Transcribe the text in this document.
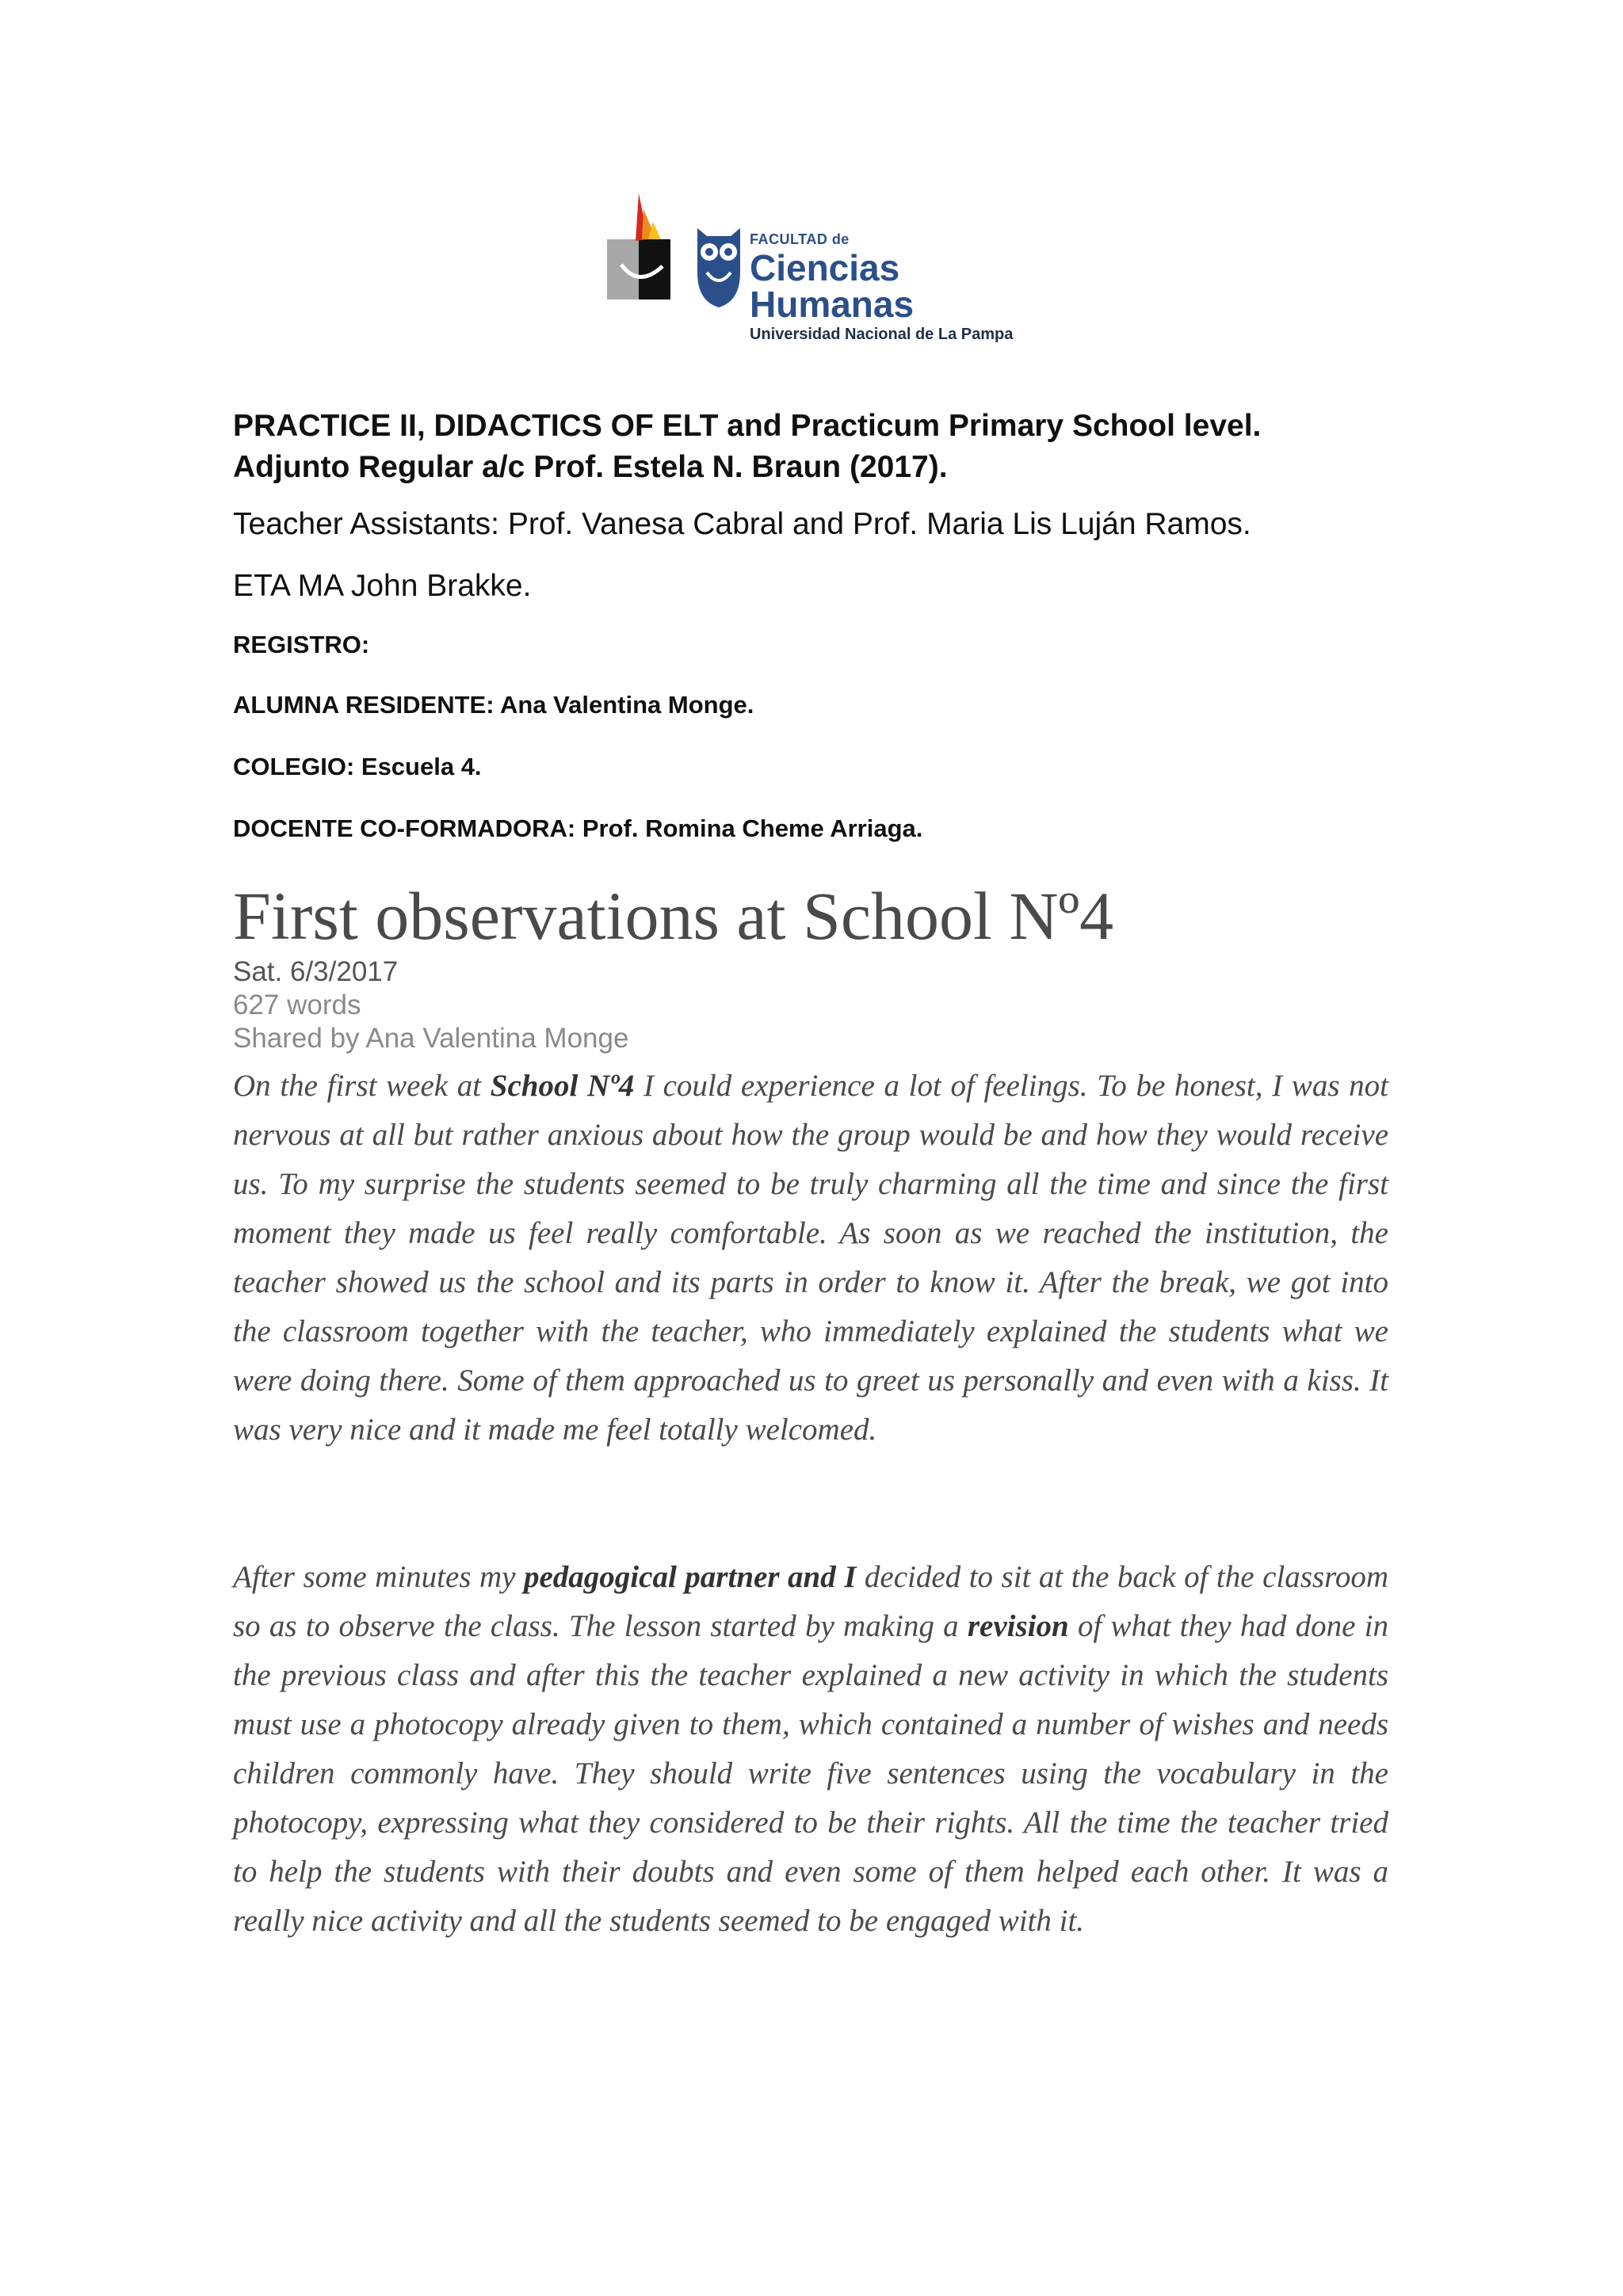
FACULTAD de
Ciencias Humanas
Universidad Nacional de La Pampa
PRACTICE II, DIDACTICS OF ELT and Practicum Primary School level.
Adjunto Regular a/c Prof. Estela N. Braun (2017).
Teacher Assistants: Prof. Vanesa Cabral and Prof. Maria Lis Luján Ramos.
ETA MA John Brakke.
REGISTRO:
ALUMNA RESIDENTE: Ana Valentina Monge.
COLEGIO: Escuela 4.
DOCENTE CO-FORMADORA: Prof. Romina Cheme Arriaga.
First observations at School Nº4
Sat. 6/3/2017
627 words
Shared by Ana Valentina Monge

On the first week at School Nº4 I could experience a lot of feelings. To be honest, I was not nervous at all but rather anxious about how the group would be and how they would receive us. To my surprise the students seemed to be truly charming all the time and since the first moment they made us feel really comfortable. As soon as we reached the institution, the teacher showed us the school and its parts in order to know it. After the break, we got into the classroom together with the teacher, who immediately explained the students what we were doing there. Some of them approached us to greet us personally and even with a kiss. It was very nice and it made me feel totally welcomed.

After some minutes my pedagogical partner and I decided to sit at the back of the classroom so as to observe the class. The lesson started by making a revision of what they had done in the previous class and after this the teacher explained a new activity in which the students must use a photocopy already given to them, which contained a number of wishes and needs children commonly have. They should write five sentences using the vocabulary in the photocopy, expressing what they considered to be their rights. All the time the teacher tried to help the students with their doubts and even some of them helped each other. It was a really nice activity and all the students seemed to be engaged with it.
